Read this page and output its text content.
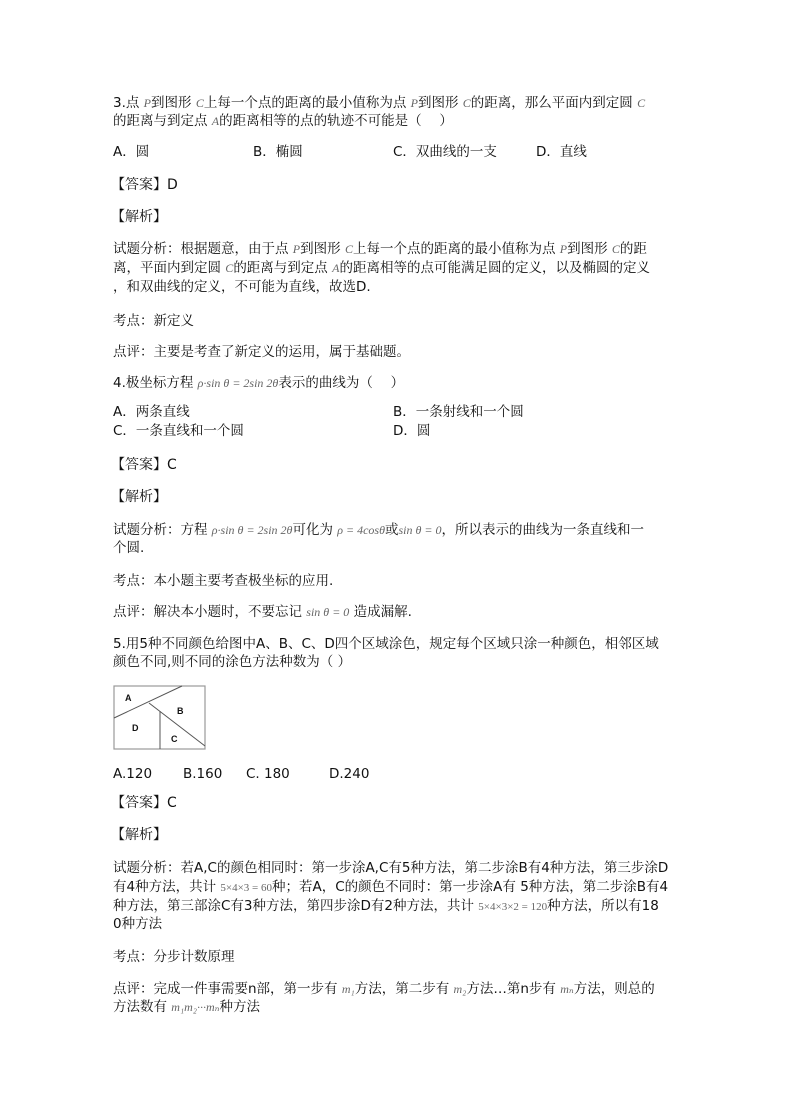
3.点 P到图形 C上每一个点的距离的最小值称为点 P到图形 C的距离，那么平面内到定圆 C
的距离与到定点 A的距离相等的点的轨迹不可能是（　 ）
A．圆	B．椭圆	C．双曲线的一支	D．直线
【答案】D
【解析】
试题分析：根据题意，由于点 P到图形 C上每一个点的距离的最小值称为点 P到图形 C的距
离，平面内到定圆 C的距离与到定点 A的距离相等的点可能满足圆的定义，以及椭圆的定义
，和双曲线的定义，不可能为直线，故选D.
考点：新定义
点评：主要是考查了新定义的运用，属于基础题。
4.极坐标方程 ρ·sin θ = 2sin 2θ表示的曲线为（　 ）
A．两条直线	B．一条射线和一个圆
C．一条直线和一个圆	D．圆
【答案】C
【解析】
试题分析：方程 ρ·sin θ = 2sin 2θ可化为 ρ = 4cosθ或sin θ = 0，所以表示的曲线为一条直线和一
个圆.
考点：本小题主要考查极坐标的应用.
点评：解决本小题时，不要忘记 sin θ = 0 造成漏解.
5.用5种不同颜色给图中A、B、C、D四个区域涂色，规定每个区域只涂一种颜色，相邻区域
颜色不同,则不同的涂色方法种数为（ ）
A
B
C
D
A.120 B.160 C. 180	D.240
【答案】C
【解析】
试题分析：若A,C的颜色相同时：第一步涂A,C有5种方法，第二步涂B有4种方法，第三步涂D
有4种方法，共计 5×4×3 = 60种；若A，C的颜色不同时：第一步涂A有 5种方法，第二步涂B有4
种方法，第三部涂C有3种方法，第四步涂D有2种方法，共计 5×4×3×2 = 120种方法，所以有18
0种方法
考点：分步计数原理
点评：完成一件事需要n部，第一步有 m₁方法，第二步有 m₂方法…第n步有 mₙ方法，则总的
方法数有 m₁m₂···mₙ种方法
